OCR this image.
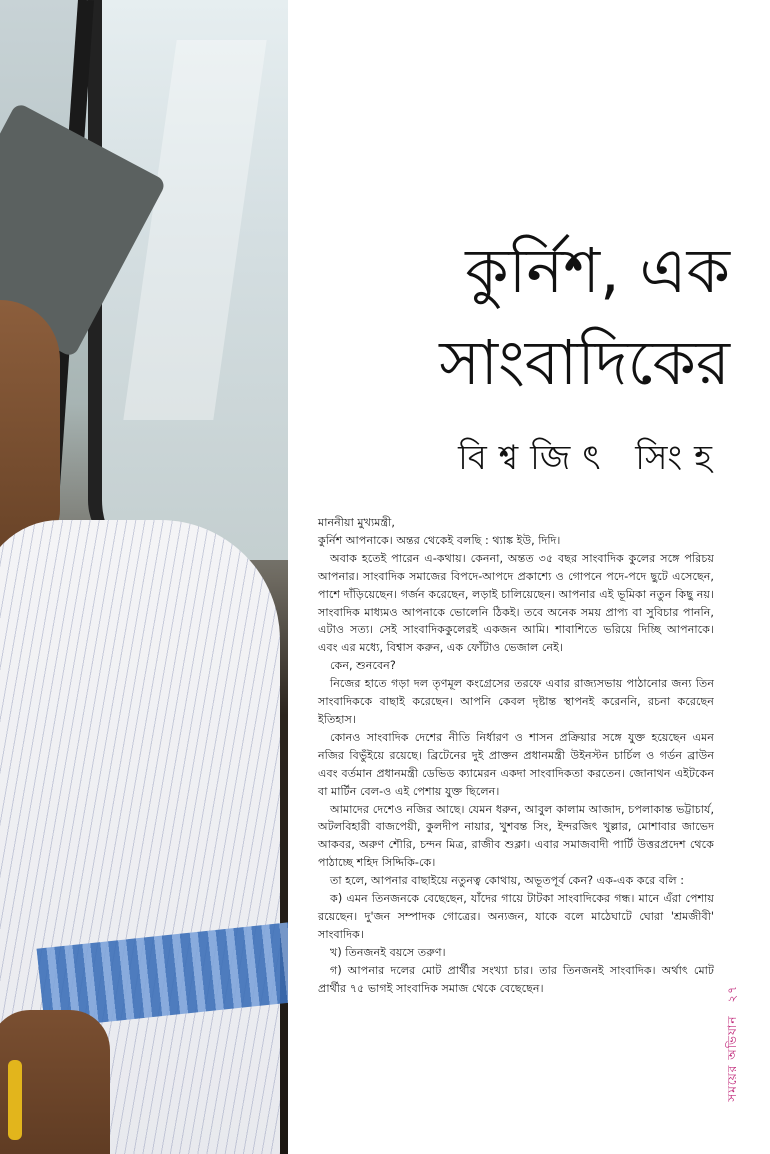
কুর্নিশ, এক
সাংবাদিকের
বিশ্বজিৎ সিংহ

মাননীয়া মুখ্যমন্ত্রী,

কুর্নিশ আপনাকে। অন্তর থেকেই বলছি : থ্যাঙ্ক ইউ, দিদি।

অবাক হতেই পারেন এ-কথায়। কেননা, অন্তত ৩৫ বছর সাংবাদিক কুলের সঙ্গে পরিচয় আপনার। সাংবাদিক সমাজের বিপদে-আপদে প্রকাশ্যে ও গোপনে পদে-পদে ছুটে এসেছেন, পাশে দাঁড়িয়েছেন। গর্জন করেছেন, লড়াই চালিয়েছেন। আপনার এই ভূমিকা নতুন কিছু নয়। সাংবাদিক মাধ্যমও আপনাকে ভোলেনি ঠিকই। তবে অনেক সময় প্রাপ্য বা সুবিচার পাননি, এটাও সত্য। সেই সাংবাদিককুলেরই একজন আমি। শাবাশিতে ভরিয়ে দিচ্ছি আপনাকে। এবং এর মধ্যে, বিশ্বাস করুন, এক ফোঁটাও ভেজাল নেই।

কেন, শুনবেন?

নিজের হাতে গড়া দল তৃণমূল কংগ্রেসের তরফে এবার রাজ্যসভায় পাঠানোর জন্য তিন সাংবাদিককে বাছাই করেছেন। আপনি কেবল দৃষ্টান্ত স্থাপনই করেননি, রচনা করেছেন ইতিহাস।

কোনও সাংবাদিক দেশের নীতি নির্ধারণ ও শাসন প্রক্রিয়ার সঙ্গে যুক্ত হয়েছেন এমন নজির বিভুঁইয়ে রয়েছে। ব্রিটেনের দুই প্রাক্তন প্রধানমন্ত্রী উইনস্টন চার্চিল ও গর্ডন ব্রাউন এবং বর্তমান প্রধানমন্ত্রী ডেভিড ক্যামেরন একদা সাংবাদিকতা করতেন। জোনাথন এইটকেন বা মার্টিন বেল-ও এই পেশায় যুক্ত ছিলেন।

আমাদের দেশেও নজির আছে। যেমন ধরুন, আবুল কালাম আজাদ, চপলাকান্ত ভট্টাচার্য, অটলবিহারী বাজপেয়ী, কুলদীপ নায়ার, খুশবন্ত সিং, ইন্দরজিৎ খুল্লার, মোশাবার জাভেদ আকবর, অরুণ শৌরি, চন্দন মিত্র, রাজীব শুক্লা। এবার সমাজবাদী পার্টি উত্তরপ্রদেশ থেকে পাঠাচ্ছে শহিদ সিদ্দিকি-কে।

তা হলে, আপনার বাছাইয়ে নতুনত্ব কোথায়, অভূতপূর্ব কেন? এক-এক করে বলি :

ক) এমন তিনজনকে বেছেছেন, যাঁদের গায়ে টাটকা সাংবাদিকের গন্ধ। মানে এঁরা পেশায় রয়েছেন। দু'জন সম্পাদক গোত্রের। অন্যজন, যাকে বলে মাঠেঘাটে ঘোরা 'শ্রমজীবী' সাংবাদিক।

খ) তিনজনই বয়সে তরুণ।

গ) আপনার দলের মোট প্রার্থীর সংখ্যা চার। তার তিনজনই সাংবাদিক। অর্থাৎ মোট প্রার্থীর ৭৫ ভাগই সাংবাদিক সমাজ থেকে বেছেছেন।

সময়ের অভিযান ২৭
